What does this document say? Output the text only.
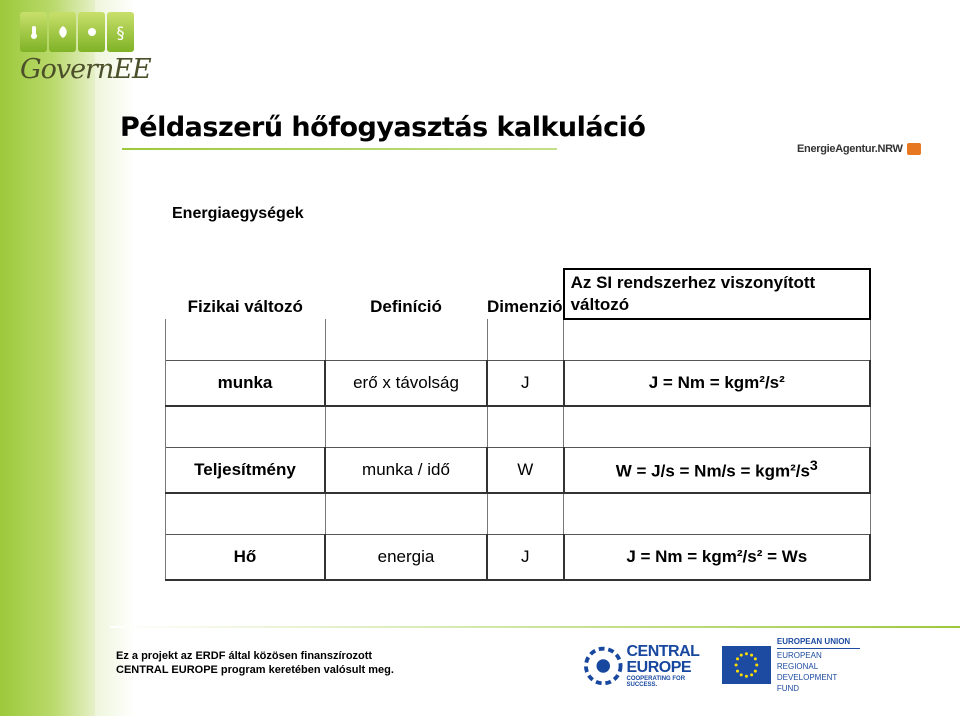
§
GovernEE
Példaszerű hőfogyasztás kalkuláció
EnergieAgentur.NRW
Energiaegységek
Fizikai változó	Definíció	Dimenzió	Az SI rendszerhez viszonyított változó

munka	erő x távolság	J	J = Nm = kgm²/s²

Teljesítmény	munka / idő	W	W = J/s = Nm/s = kgm²/$s^3$

Hő	energia	J	J = Nm = kgm²/s² = Ws
Ez a projekt az ERDF által közösen finanszírozott
CENTRAL EUROPE program keretében valósult meg.
CENTRAL
EUROPE
COOPERATING FOR SUCCESS.
EUROPEAN UNION
EUROPEAN REGIONAL
DEVELOPMENT FUND
